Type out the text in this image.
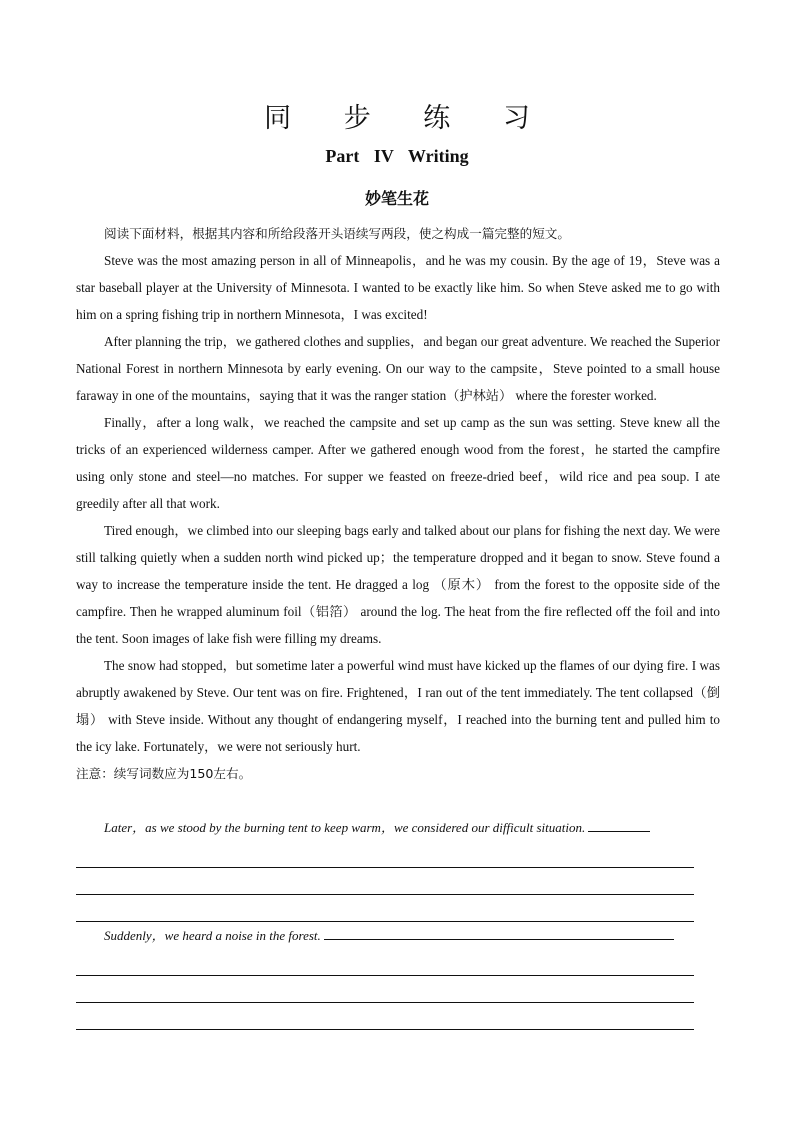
同 步 练 习
Part IV Writing
妙笔生花

阅读下面材料，根据其内容和所给段落开头语续写两段，使之构成一篇完整的短文。

Steve was the most amazing person in all of Minneapolis，and he was my cousin. By the age of 19，Steve was a star baseball player at the University of Minnesota. I wanted to be exactly like him. So when Steve asked me to go with him on a spring fishing trip in northern Minnesota，I was excited!

After planning the trip，we gathered clothes and supplies，and began our great adventure. We reached the Superior National Forest in northern Minnesota by early evening. On our way to the campsite，Steve pointed to a small house faraway in one of the mountains，saying that it was the ranger station（护林站） where the forester worked.

Finally，after a long walk，we reached the campsite and set up camp as the sun was setting. Steve knew all the tricks of an experienced wilderness camper. After we gathered enough wood from the forest，he started the campfire using only stone and steel—no matches. For supper we feasted on freeze-dried beef，wild rice and pea soup. I ate greedily after all that work.

Tired enough，we climbed into our sleeping bags early and talked about our plans for fishing the next day. We were still talking quietly when a sudden north wind picked up；the temperature dropped and it began to snow. Steve found a way to increase the temperature inside the tent. He dragged a log （原木） from the forest to the opposite side of the campfire. Then he wrapped aluminum foil（铝箔） around the log. The heat from the fire reflected off the foil and into the tent. Soon images of lake fish were filling my dreams.

The snow had stopped，but sometime later a powerful wind must have kicked up the flames of our dying fire. I was abruptly awakened by Steve. Our tent was on fire. Frightened，I ran out of the tent immediately. The tent collapsed（倒塌） with Steve inside. Without any thought of endangering myself，I reached into the burning tent and pulled him to the icy lake. Fortunately，we were not seriously hurt.

注意：续写词数应为150左右。

Later，as we stood by the burning tent to keep warm，we considered our difficult situation.
Suddenly，we heard a noise in the forest.
